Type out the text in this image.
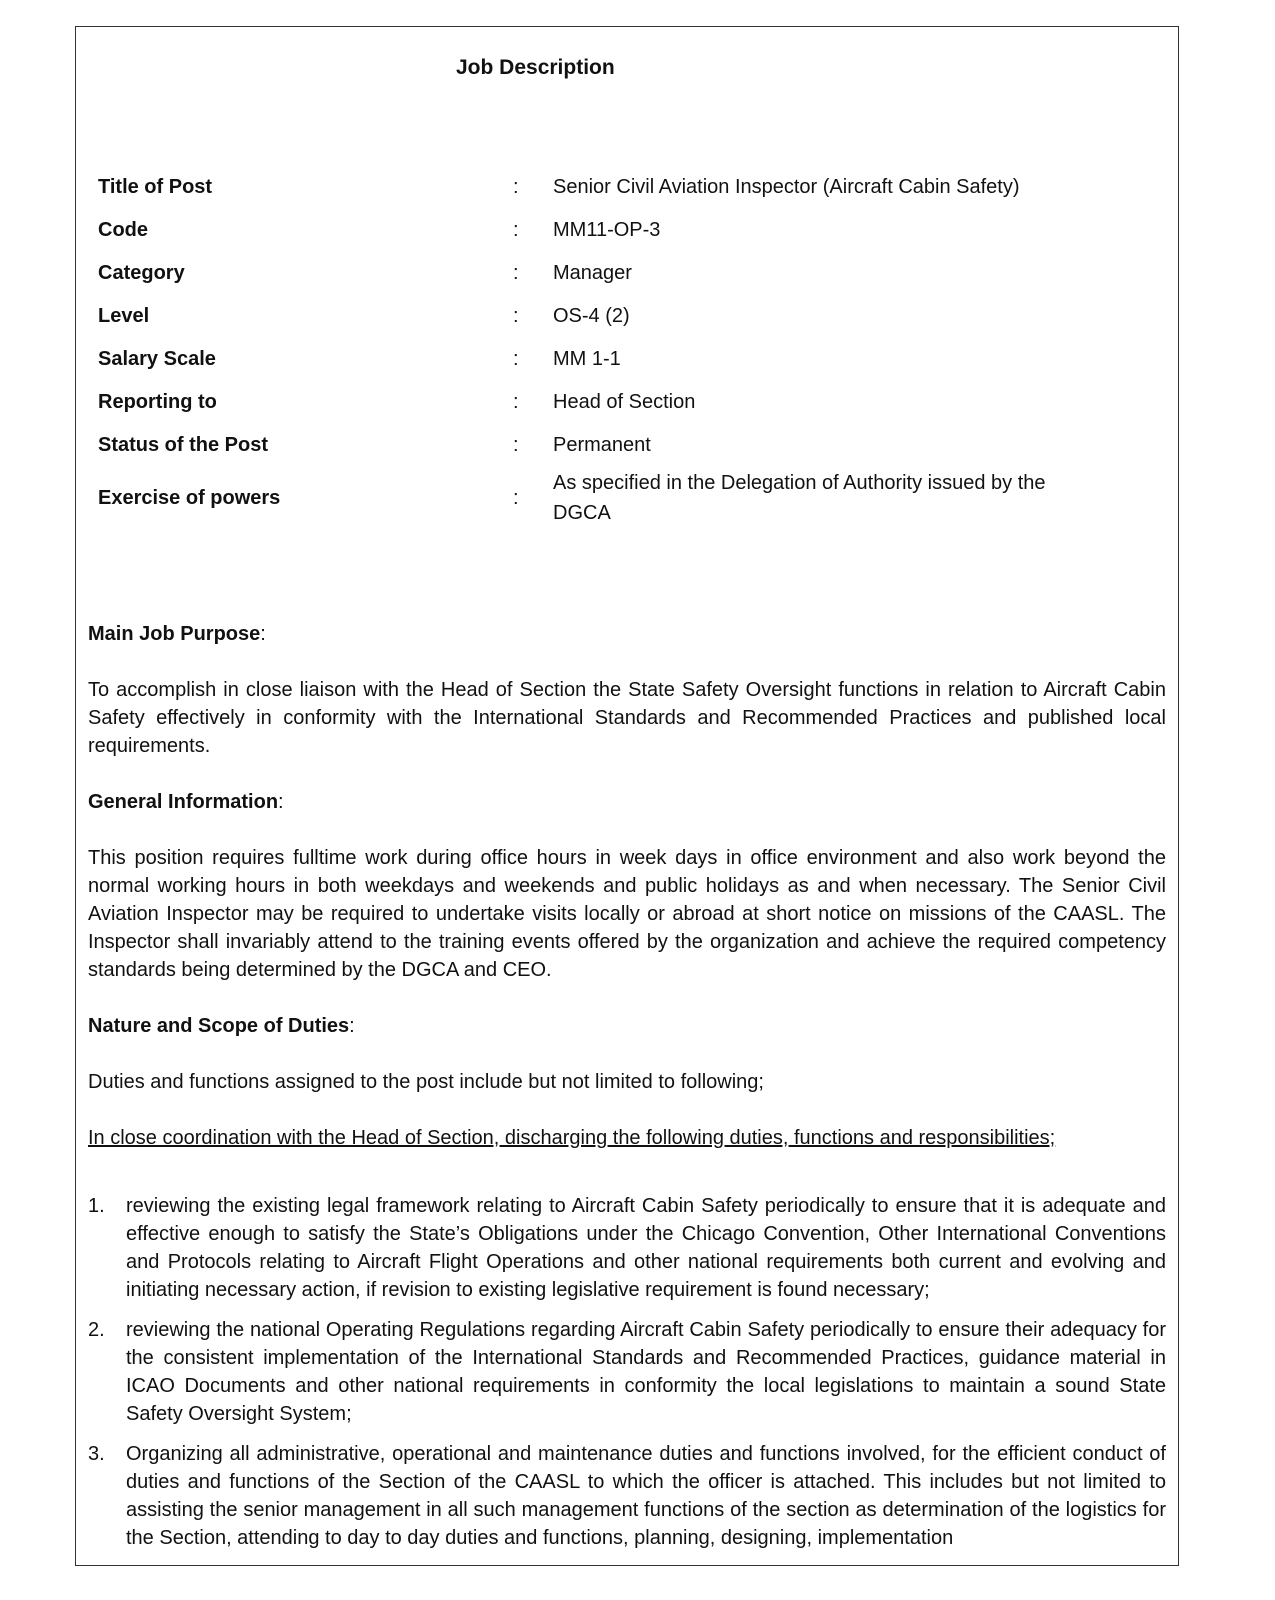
Job Description
Title of Post	:	Senior Civil Aviation Inspector (Aircraft Cabin Safety)
Code	:	MM11-OP-3
Category	:	Manager
Level	:	OS-4 (2)
Salary Scale	:	MM 1-1
Reporting to	:	Head of Section
Status of the Post	:	Permanent
Exercise of powers	:
As specified in the Delegation of Authority issued by the DGCA
Main Job Purpose:

To accomplish in close liaison with the Head of Section the State Safety Oversight functions in relation to Aircraft Cabin Safety effectively in conformity with the International Standards and Recommended Practices and published local requirements.

General Information:

This position requires fulltime work during office hours in week days in office environment and also work beyond the normal working hours in both weekdays and weekends and public holidays as and when necessary. The Senior Civil Aviation Inspector may be required to undertake visits locally or abroad at short notice on missions of the CAASL. The Inspector shall invariably attend to the training events offered by the organization and achieve the required competency standards being determined by the DGCA and CEO.

Nature and Scope of Duties:

Duties and functions assigned to the post include but not limited to following;

In close coordination with the Head of Section, discharging the following duties, functions and responsibilities;

1.	reviewing the existing legal framework relating to Aircraft Cabin Safety periodically to ensure that it is adequate and effective enough to satisfy the State’s Obligations under the Chicago Convention, Other International Conventions and Protocols relating to Aircraft Flight Operations and other national requirements both current and evolving and initiating necessary action, if revision to existing legislative requirement is found necessary;
2.	reviewing the national Operating Regulations regarding Aircraft Cabin Safety periodically to ensure their adequacy for the consistent implementation of the International Standards and Recommended Practices, guidance material in ICAO Documents and other national requirements in conformity the local legislations to maintain a sound State Safety Oversight System;
3.	Organizing all administrative, operational and maintenance duties and functions involved, for the efficient conduct of duties and functions of the Section of the CAASL to which the officer is attached. This includes but not limited to assisting the senior management in all such management functions of the section as determination of the logistics for the Section, attending to day to day duties and functions, planning, designing, implementation
